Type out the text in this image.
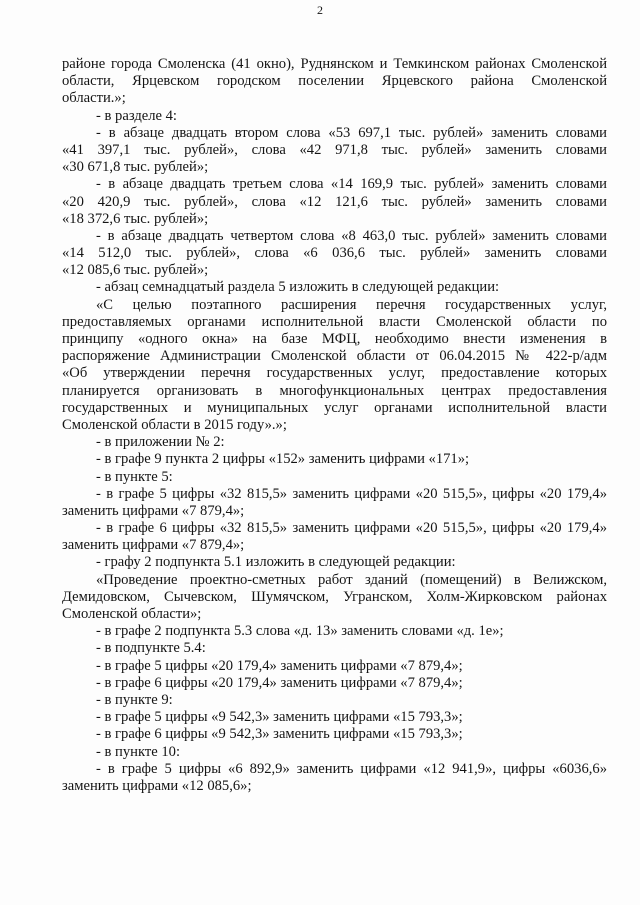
2
районе города Смоленска (41 окно), Руднянском и Темкинском районах Смоленской
области, Ярцевском городском поселении Ярцевского района Смоленской
области.»;
- в разделе 4:
- в абзаце двадцать втором слова «53 697,1 тыс. рублей» заменить словами
«41 397,1 тыс. рублей», слова «42 971,8 тыс. рублей» заменить словами
«30 671,8 тыс. рублей»;
- в абзаце двадцать третьем слова «14 169,9 тыс. рублей» заменить словами
«20 420,9 тыс. рублей», слова «12 121,6 тыс. рублей» заменить словами
«18 372,6 тыс. рублей»;
- в абзаце двадцать четвертом слова «8 463,0 тыс. рублей» заменить словами
«14 512,0 тыс. рублей», слова «6 036,6 тыс. рублей» заменить словами
«12 085,6 тыс. рублей»;
- абзац семнадцатый раздела 5 изложить в следующей редакции:
«С целью поэтапного расширения перечня государственных услуг,
предоставляемых органами исполнительной власти Смоленской области по
принципу «одного окна» на базе МФЦ, необходимо внести изменения в
распоряжение Администрации Смоленской области от 06.04.2015 № 422-р/адм
«Об утверждении перечня государственных услуг, предоставление которых
планируется организовать в многофункциональных центрах предоставления
государственных и муниципальных услуг органами исполнительной власти
Смоленской области в 2015 году».»;
- в приложении № 2:
- в графе 9 пункта 2 цифры «152» заменить цифрами «171»;
- в пункте 5:
- в графе 5 цифры «32 815,5» заменить цифрами «20 515,5», цифры «20 179,4»
заменить цифрами «7 879,4»;
- в графе 6 цифры «32 815,5» заменить цифрами «20 515,5», цифры «20 179,4»
заменить цифрами «7 879,4»;
- графу 2 подпункта 5.1 изложить в следующей редакции:
«Проведение проектно-сметных работ зданий (помещений) в Велижском,
Демидовском, Сычевском, Шумячском, Угранском, Холм-Жирковском районах
Смоленской области»;
- в графе 2 подпункта 5.3 слова «д. 13» заменить словами «д. 1е»;
- в подпункте 5.4:
- в графе 5 цифры «20 179,4» заменить цифрами «7 879,4»;
- в графе 6 цифры «20 179,4» заменить цифрами «7 879,4»;
- в пункте 9:
- в графе 5 цифры «9 542,3» заменить цифрами «15 793,3»;
- в графе 6 цифры «9 542,3» заменить цифрами «15 793,3»;
- в пункте 10:
- в графе 5 цифры «6 892,9» заменить цифрами «12 941,9», цифры «6036,6»
заменить цифрами «12 085,6»;
